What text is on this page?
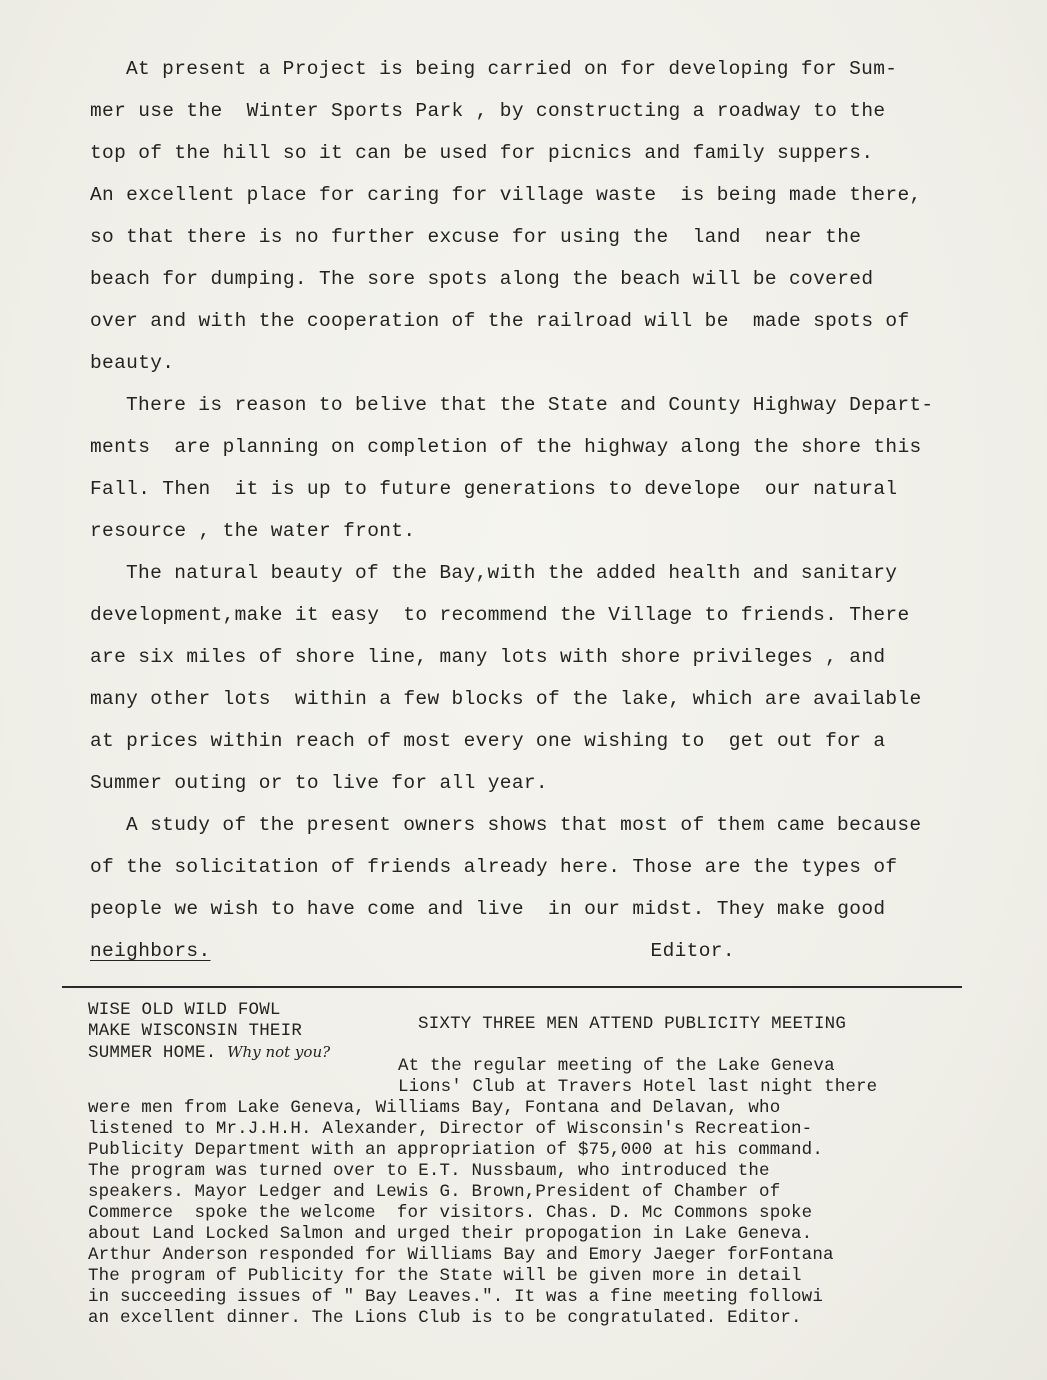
At present a Project is being carried on for developing for Sum-
mer use the  Winter Sports Park , by constructing a roadway to the
top of the hill so it can be used for picnics and family suppers.
An excellent place for caring for village waste  is being made there,
so that there is no further excuse for using the  land  near the
beach for dumping. The sore spots along the beach will be covered
over and with the cooperation of the railroad will be  made spots of
beauty.

There is reason to belive that the State and County Highway Depart-
ments  are planning on completion of the highway along the shore this
Fall. Then  it is up to future generations to develope  our natural
resource , the water front.

The natural beauty of the Bay,with the added health and sanitary
development,make it easy  to recommend the Village to friends. There
are six miles of shore line, many lots with shore privileges , and
many other lots  within a few blocks of the lake, which are available
at prices within reach of most every one wishing to  get out for a
Summer outing or to live for all year.

A study of the present owners shows that most of them came because
of the solicitation of friends already here. Those are the types of
people we wish to have come and live  in our midst. They make good
neighbors.	Editor.

WISE OLD WILD FOWL
MAKE WISCONSIN THEIR
SUMMER HOME. Why not you?
SIXTY THREE MEN ATTEND PUBLICITY MEETING
At the regular meeting of the Lake Geneva
Lions' Club at Travers Hotel last night there
were men from Lake Geneva, Williams Bay, Fontana and Delavan, who
listened to Mr.J.H.H. Alexander, Director of Wisconsin's Recreation-
Publicity Department with an appropriation of $75,000 at his command.
The program was turned over to E.T. Nussbaum, who introduced the
speakers. Mayor Ledger and Lewis G. Brown,President of Chamber of
Commerce  spoke the welcome  for visitors. Chas. D. Mc Commons spoke
about Land Locked Salmon and urged their propogation in Lake Geneva.
Arthur Anderson responded for Williams Bay and Emory Jaeger forFontana
The program of Publicity for the State will be given more in detail
in succeeding issues of " Bay Leaves.". It was a fine meeting followi
an excellent dinner. The Lions Club is to be congratulated. Editor.
